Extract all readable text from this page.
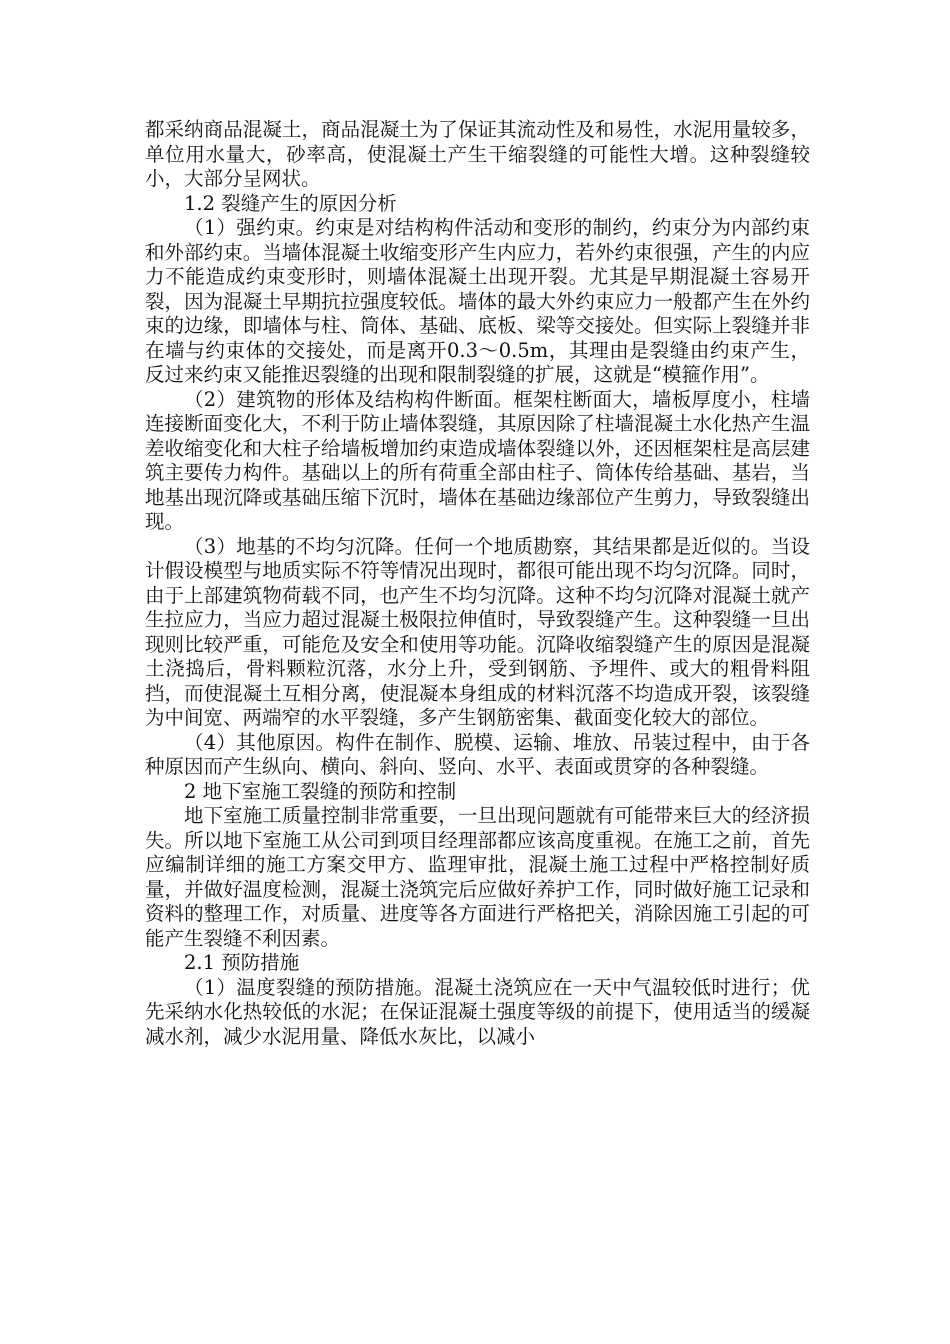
都采纳商品混凝土，商品混凝土为了保证其流动性及和易性，水泥用量较多，单位用水量大，砂率高，使混凝土产生干缩裂缝的可能性大增。这种裂缝较小，大部分呈网状。

1.2 裂缝产生的原因分析

（1）强约束。约束是对结构构件活动和变形的制约，约束分为内部约束和外部约束。当墙体混凝土收缩变形产生内应力，若外约束很强，产生的内应力不能造成约束变形时，则墙体混凝土出现开裂。尤其是早期混凝土容易开裂，因为混凝土早期抗拉强度较低。墙体的最大外约束应力一般都产生在外约束的边缘，即墙体与柱、筒体、基础、底板、梁等交接处。但实际上裂缝并非在墙与约束体的交接处，而是离开0.3～0.5m，其理由是裂缝由约束产生，反过来约束又能推迟裂缝的出现和限制裂缝的扩展，这就是“模箍作用”。

（2）建筑物的形体及结构构件断面。框架柱断面大，墙板厚度小，柱墙连接断面变化大，不利于防止墙体裂缝，其原因除了柱墙混凝土水化热产生温差收缩变化和大柱子给墙板增加约束造成墙体裂缝以外，还因框架柱是高层建筑主要传力构件。基础以上的所有荷重全部由柱子、筒体传给基础、基岩，当地基出现沉降或基础压缩下沉时，墙体在基础边缘部位产生剪力，导致裂缝出现。

（3）地基的不均匀沉降。任何一个地质勘察，其结果都是近似的。当设计假设模型与地质实际不符等情况出现时，都很可能出现不均匀沉降。同时，由于上部建筑物荷载不同，也产生不均匀沉降。这种不均匀沉降对混凝土就产生拉应力，当应力超过混凝土极限拉伸值时，导致裂缝产生。这种裂缝一旦出现则比较严重，可能危及安全和使用等功能。沉降收缩裂缝产生的原因是混凝土浇捣后，骨料颗粒沉落，水分上升，受到钢筋、予埋件、或大的粗骨料阻挡，而使混凝土互相分离，使混凝本身组成的材料沉落不均造成开裂，该裂缝为中间宽、两端窄的水平裂缝，多产生钢筋密集、截面变化较大的部位。

（4）其他原因。构件在制作、脱模、运输、堆放、吊装过程中，由于各种原因而产生纵向、横向、斜向、竖向、水平、表面或贯穿的各种裂缝。

2 地下室施工裂缝的预防和控制

地下室施工质量控制非常重要，一旦出现问题就有可能带来巨大的经济损失。所以地下室施工从公司到项目经理部都应该高度重视。在施工之前，首先应编制详细的施工方案交甲方、监理审批，混凝土施工过程中严格控制好质量，并做好温度检测，混凝土浇筑完后应做好养护工作，同时做好施工记录和资料的整理工作，对质量、进度等各方面进行严格把关，消除因施工引起的可能产生裂缝不利因素。

2.1 预防措施

（1）温度裂缝的预防措施。混凝土浇筑应在一天中气温较低时进行；优先采纳水化热较低的水泥；在保证混凝土强度等级的前提下，使用适当的缓凝减水剂，减少水泥用量、降低水灰比，以减小
